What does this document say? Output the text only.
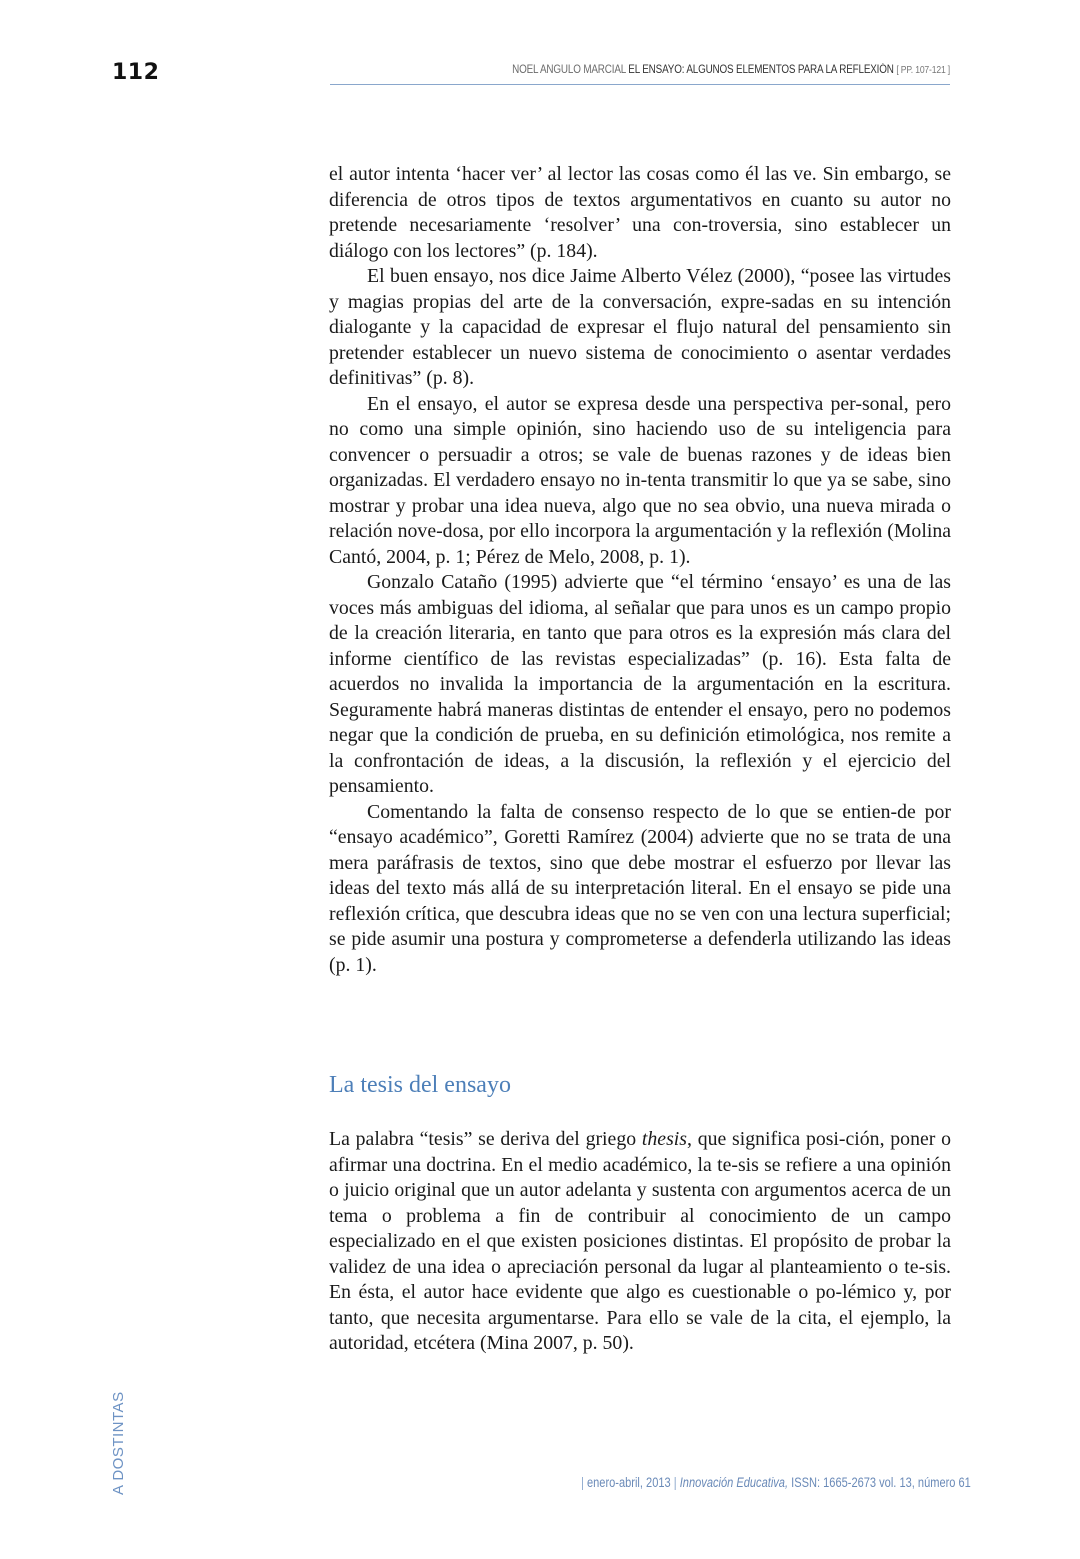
112	NOEL ANGULO MARCIAL EL ENSAYO: ALGUNOS ELEMENTOS PARA LA REFLEXIÓN [ PP. 107-121 ]

el autor intenta ‘hacer ver’ al lector las cosas como él las ve. Sin embargo, se diferencia de otros tipos de textos argumentativos en cuanto su autor no pretende necesariamente ‘resolver’ una con-troversia, sino establecer un diálogo con los lectores” (p. 184).

El buen ensayo, nos dice Jaime Alberto Vélez (2000), “posee las virtudes y magias propias del arte de la conversación, expre-sadas en su intención dialogante y la capacidad de expresar el flujo natural del pensamiento sin pretender establecer un nuevo sistema de conocimiento o asentar verdades definitivas” (p. 8).

En el ensayo, el autor se expresa desde una perspectiva per-sonal, pero no como una simple opinión, sino haciendo uso de su inteligencia para convencer o persuadir a otros; se vale de buenas razones y de ideas bien organizadas. El verdadero ensayo no in-tenta transmitir lo que ya se sabe, sino mostrar y probar una idea nueva, algo que no sea obvio, una nueva mirada o relación nove-dosa, por ello incorpora la argumentación y la reflexión (Molina Cantó, 2004, p. 1; Pérez de Melo, 2008, p. 1).

Gonzalo Cataño (1995) advierte que “el término ‘ensayo’ es una de las voces más ambiguas del idioma, al señalar que para unos es un campo propio de la creación literaria, en tanto que para otros es la expresión más clara del informe científico de las revistas especializadas” (p. 16). Esta falta de acuerdos no invalida la importancia de la argumentación en la escritura. Seguramente habrá maneras distintas de entender el ensayo, pero no podemos negar que la condición de prueba, en su definición etimológica, nos remite a la confrontación de ideas, a la discusión, la reflexión y el ejercicio del pensamiento.

Comentando la falta de consenso respecto de lo que se entien-de por “ensayo académico”, Goretti Ramírez (2004) advierte que no se trata de una mera paráfrasis de textos, sino que debe mostrar el esfuerzo por llevar las ideas del texto más allá de su interpretación literal. En el ensayo se pide una reflexión crítica, que descubra ideas que no se ven con una lectura superficial; se pide asumir una postura y comprometerse a defenderla utilizando las ideas (p. 1).

La tesis del ensayo

La palabra “tesis” se deriva del griego thesis, que significa posi-ción, poner o afirmar una doctrina. En el medio académico, la te-sis se refiere a una opinión o juicio original que un autor adelanta y sustenta con argumentos acerca de un tema o problema a fin de contribuir al conocimiento de un campo especializado en el que existen posiciones distintas. El propósito de probar la validez de una idea o apreciación personal da lugar al planteamiento o te-sis. En ésta, el autor hace evidente que algo es cuestionable o po-lémico y, por tanto, que necesita argumentarse. Para ello se vale de la cita, el ejemplo, la autoridad, etcétera (Mina 2007, p. 50).

A DOSTINTAS	| enero-abril, 2013 | Innovación Educativa, ISSN: 1665-2673 vol. 13, número 61
